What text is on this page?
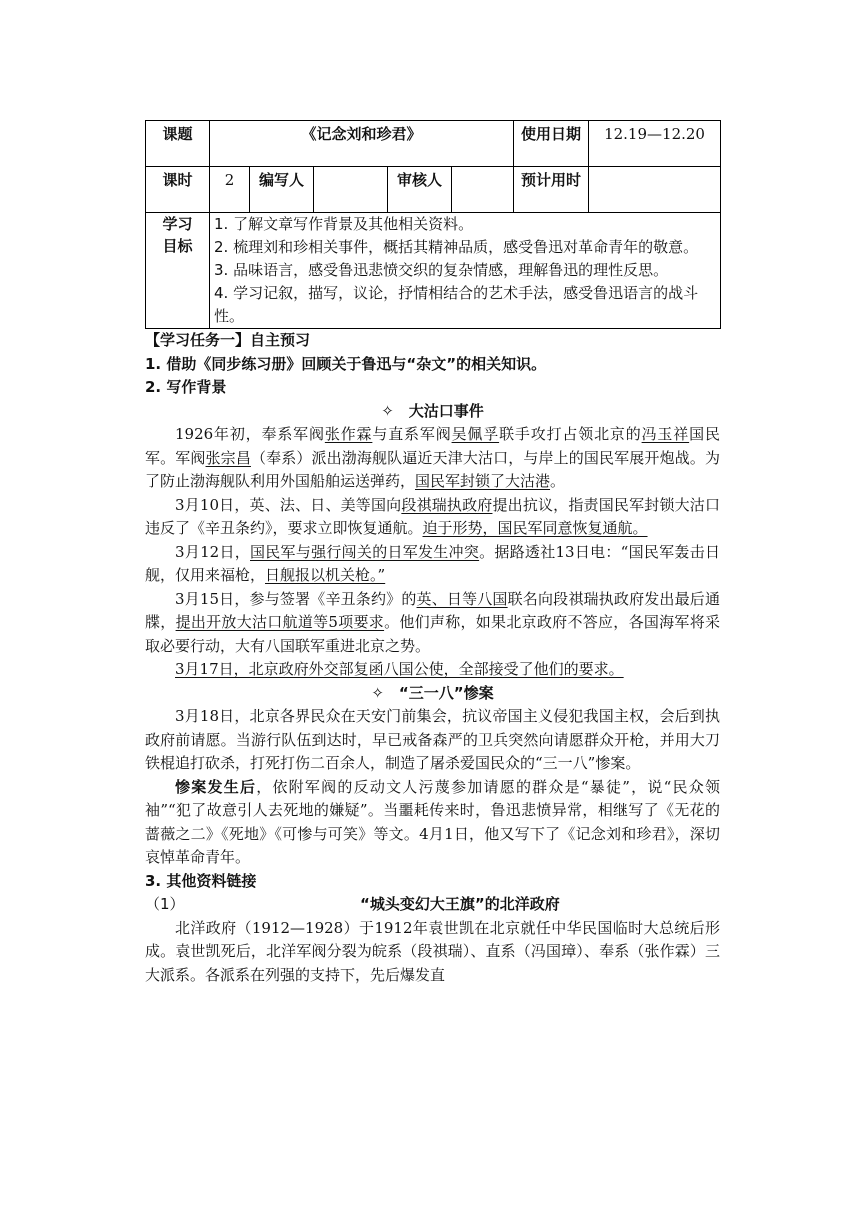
课题	《记念刘和珍君》					使用日期	12.19—12.20
课时	2	编写人		审核人		预计用时	
学习目标	1. 了解文章写作背景及其他相关资料。

2. 梳理刘和珍相关事件，概括其精神品质，感受鲁迅对革命青年的敬意。

3. 品味语言，感受鲁迅悲愤交织的复杂情感，理解鲁迅的理性反思。

4. 学习记叙，描写，议论，抒情相结合的艺术手法，感受鲁迅语言的战斗性。						

【学习任务一】自主预习

1. 借助《同步练习册》回顾关于鲁迅与“杂文”的相关知识。

2. 写作背景

✧　大沽口事件

1926年初，奉系军阀张作霖与直系军阀吴佩孚联手攻打占领北京的冯玉祥国民军。军阀张宗昌（奉系）派出渤海舰队逼近天津大沽口，与岸上的国民军展开炮战。为了防止渤海舰队利用外国船舶运送弹药，国民军封锁了大沽港。

3月10日，英、法、日、美等国向段祺瑞执政府提出抗议，指责国民军封锁大沽口违反了《辛丑条约》，要求立即恢复通航。迫于形势，国民军同意恢复通航。

3月12日，国民军与强行闯关的日军发生冲突。据路透社13日电：“国民军轰击日舰，仅用来福枪，日舰报以机关枪。”

3月15日，参与签署《辛丑条约》的英、日等八国联名向段祺瑞执政府发出最后通牒，提出开放大沽口航道等5项要求。他们声称，如果北京政府不答应，各国海军将采取必要行动，大有八国联军重进北京之势。

3月17日，北京政府外交部复函八国公使，全部接受了他们的要求。

✧　“三一八”惨案

3月18日，北京各界民众在天安门前集会，抗议帝国主义侵犯我国主权，会后到执政府前请愿。当游行队伍到达时，早已戒备森严的卫兵突然向请愿群众开枪，并用大刀铁棍追打砍杀，打死打伤二百余人，制造了屠杀爱国民众的“三一八”惨案。

惨案发生后，依附军阀的反动文人污蔑参加请愿的群众是“暴徒”，说“民众领袖”“犯了故意引人去死地的嫌疑”。当噩耗传来时，鲁迅悲愤异常，相继写了《无花的蔷薇之二》《死地》《可惨与可笑》等文。4月1日，他又写下了《记念刘和珍君》，深切哀悼革命青年。

3. 其他资料链接

（1）	“城头变幻大王旗”的北洋政府

北洋政府（1912—1928）于1912年袁世凯在北京就任中华民国临时大总统后形成。袁世凯死后，北洋军阀分裂为皖系（段祺瑞）、直系（冯国璋）、奉系（张作霖）三大派系。各派系在列强的支持下，先后爆发直
